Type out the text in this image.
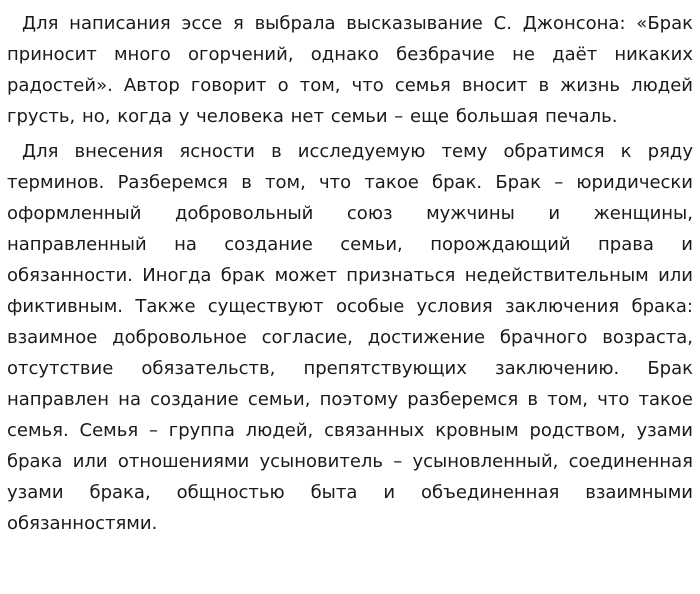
Для написания эссе я выбрала высказывание С. Джонсона: «Брак приносит много огорчений, однако безбрачие не даёт никаких радостей». Автор говорит о том, что семья вносит в жизнь людей грусть, но, когда у человека нет семьи – еще большая печаль.

Для внесения ясности в исследуемую тему обратимся к ряду терминов. Разберемся в том, что такое брак. Брак – юридически оформленный добровольный союз мужчины и женщины, направленный на создание семьи, порождающий права и обязанности. Иногда брак может признаться недействительным или фиктивным. Также существуют особые условия заключения брака: взаимное добровольное согласие, достижение брачного возраста, отсутствие обязательств, препятствующих заключению. Брак направлен на создание семьи, поэтому разберемся в том, что такое семья. Семья – группа людей, связанных кровным родством, узами брака или отношениями усыновитель – усыновленный, соединенная узами брака, общностью быта и объединенная взаимными обязанностями.
